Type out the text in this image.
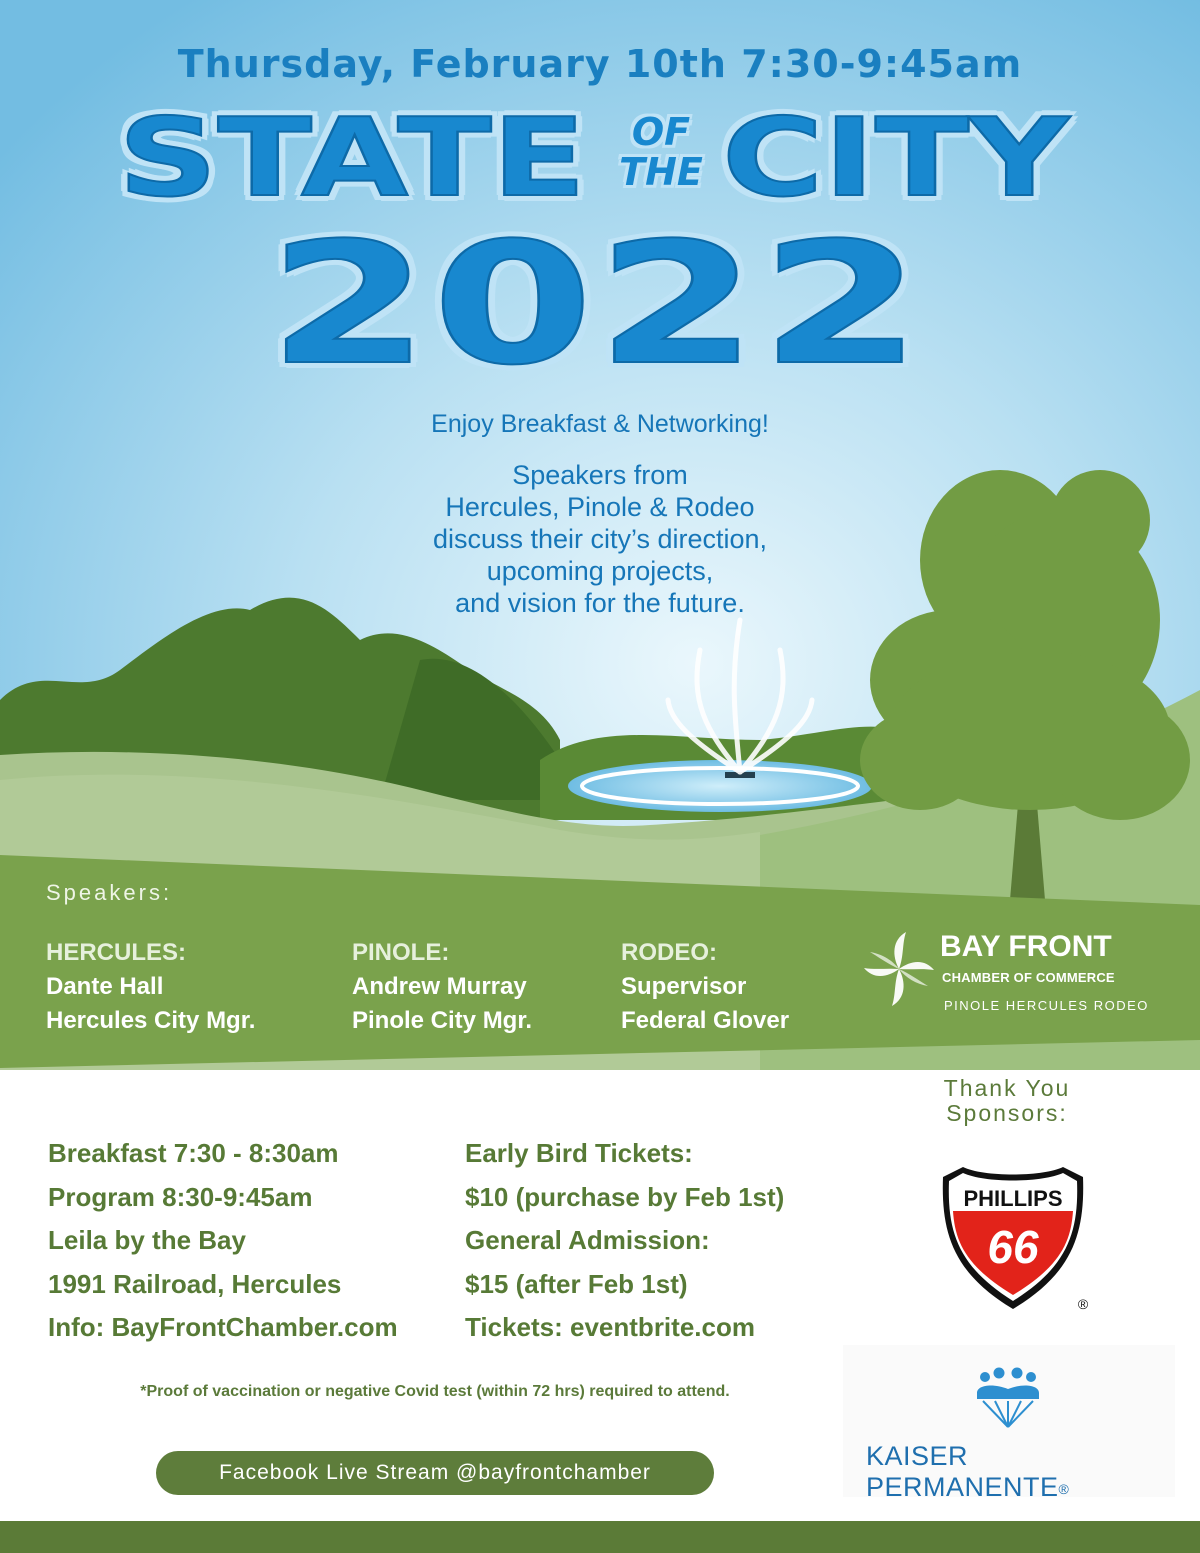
Thursday, February 10th 7:30-9:45am
STATE	OF
THE CITY
2022
Enjoy Breakfast & Networking!
Speakers from
Hercules, Pinole & Rodeo
discuss their city’s direction,
upcoming projects,
and vision for the future.
Speakers:
HERCULES:
Dante Hall
Hercules City Mgr.
PINOLE:
Andrew Murray
Pinole City Mgr.
RODEO:
Supervisor
Federal Glover
BAY FRONT
CHAMBER OF COMMERCE
PINOLE HERCULES RODEO
Thank You
Sponsors:
Breakfast 7:30 - 8:30am
Program 8:30-9:45am
Leila by the Bay
1991 Railroad, Hercules
Info: BayFrontChamber.com
Early Bird Tickets:
$10 (purchase by Feb 1st)
General Admission:
$15 (after Feb 1st)
Tickets: eventbrite.com
*Proof of vaccination or negative Covid test (within 72 hrs) required to attend.
Facebook Live Stream @bayfrontchamber
PHILLIPS
66
®
KAISER PERMANENTE®
